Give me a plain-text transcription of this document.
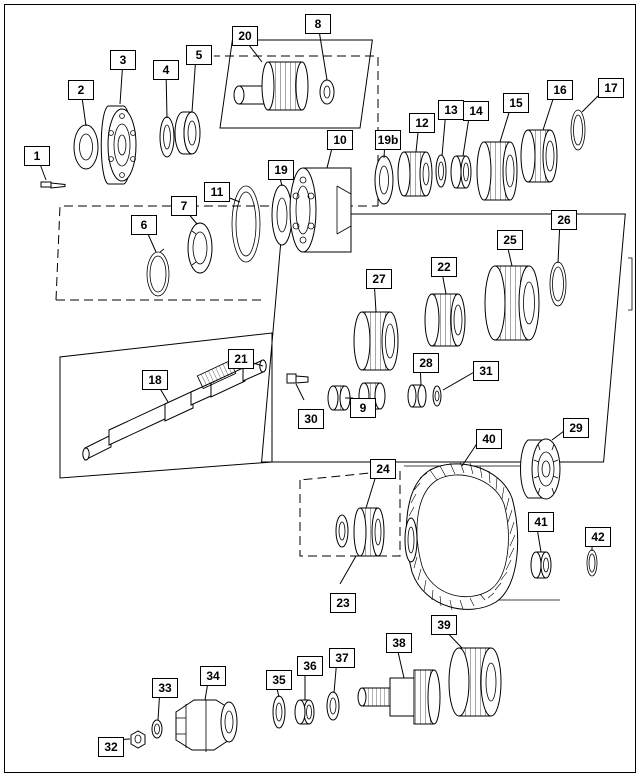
1
2
3
4
5
6
7
8
9
10
11
12
13 14
15
16	17
18
19
20
21
22
23
24
25
26
27
28
29
30
31
32
33
34	35
36
37
38
39
40
41
42
19b
